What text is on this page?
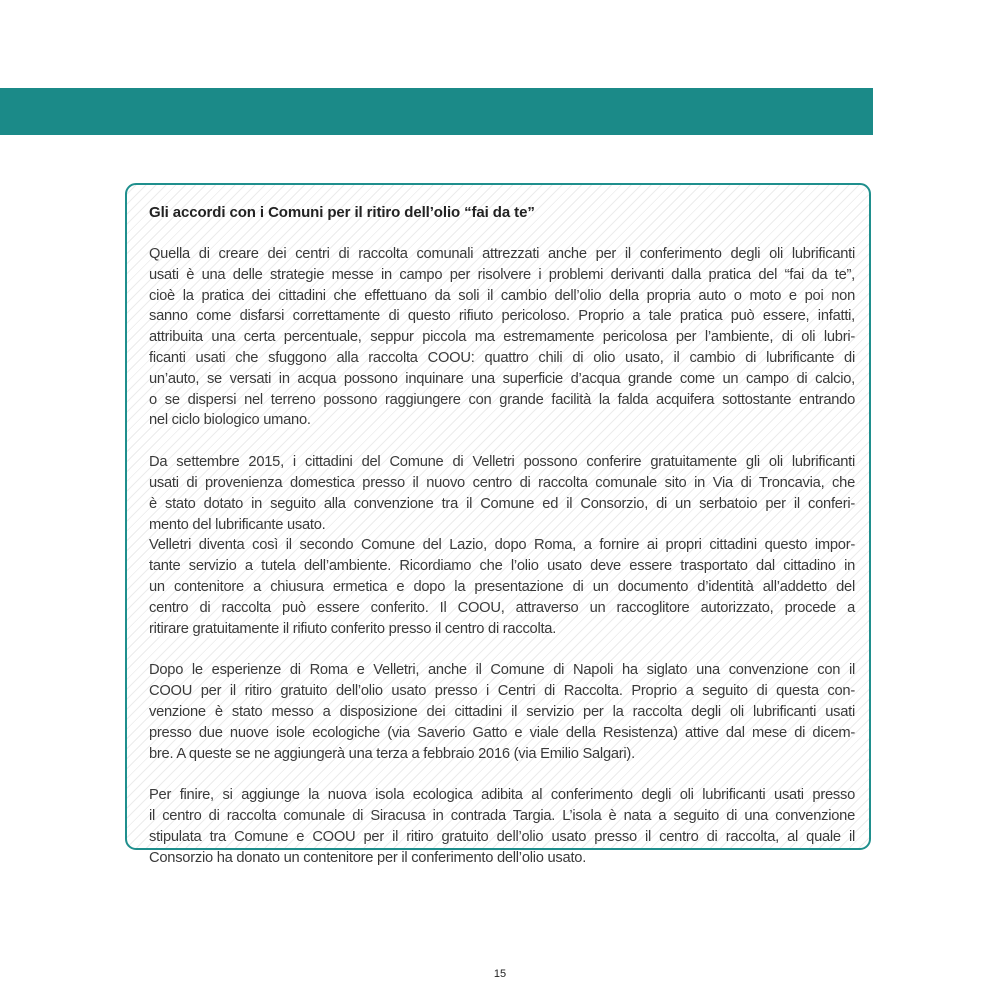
Gli accordi con i Comuni per il ritiro dell’olio “fai da te”
Quella di creare dei centri di raccolta comunali attrezzati anche per il conferimento degli oli lubrificanti
usati è una delle strategie messe in campo per risolvere i problemi derivanti dalla pratica del “fai da te”,
cioè la pratica dei cittadini che effettuano da soli il cambio dell’olio della propria auto o moto e poi non
sanno come disfarsi correttamente di questo rifiuto pericoloso. Proprio a tale pratica può essere, infatti,
attribuita una certa percentuale, seppur piccola ma estremamente pericolosa per l’ambiente, di oli lubri-
ficanti usati che sfuggono alla raccolta COOU: quattro chili di olio usato, il cambio di lubrificante di
un’auto, se versati in acqua possono inquinare una superficie d’acqua grande come un campo di calcio,
o se dispersi nel terreno possono raggiungere con grande facilità la falda acquifera sottostante entrando
nel ciclo biologico umano.
Da settembre 2015, i cittadini del Comune di Velletri possono conferire gratuitamente gli oli lubrificanti
usati di provenienza domestica presso il nuovo centro di raccolta comunale sito in Via di Troncavia, che
è stato dotato in seguito alla convenzione tra il Comune ed il Consorzio, di un serbatoio per il conferi-
mento del lubrificante usato.
Velletri diventa così il secondo Comune del Lazio, dopo Roma, a fornire ai propri cittadini questo impor-
tante servizio a tutela dell’ambiente. Ricordiamo che l’olio usato deve essere trasportato dal cittadino in
un contenitore a chiusura ermetica e dopo la presentazione di un documento d’identità all’addetto del
centro di raccolta può essere conferito. Il COOU, attraverso un raccoglitore autorizzato, procede a
ritirare gratuitamente il rifiuto conferito presso il centro di raccolta.
Dopo le esperienze di Roma e Velletri, anche il Comune di Napoli ha siglato una convenzione con il
COOU per il ritiro gratuito dell’olio usato presso i Centri di Raccolta. Proprio a seguito di questa con-
venzione è stato messo a disposizione dei cittadini il servizio per la raccolta degli oli lubrificanti usati
presso due nuove isole ecologiche (via Saverio Gatto e viale della Resistenza) attive dal mese di dicem-
bre. A queste se ne aggiungerà una terza a febbraio 2016 (via Emilio Salgari).
Per finire, si aggiunge la nuova isola ecologica adibita al conferimento degli oli lubrificanti usati presso
il centro di raccolta comunale di Siracusa in contrada Targia. L’isola è nata a seguito di una convenzione
stipulata tra Comune e COOU per il ritiro gratuito dell’olio usato presso il centro di raccolta, al quale il
Consorzio ha donato un contenitore per il conferimento dell’olio usato.
15
